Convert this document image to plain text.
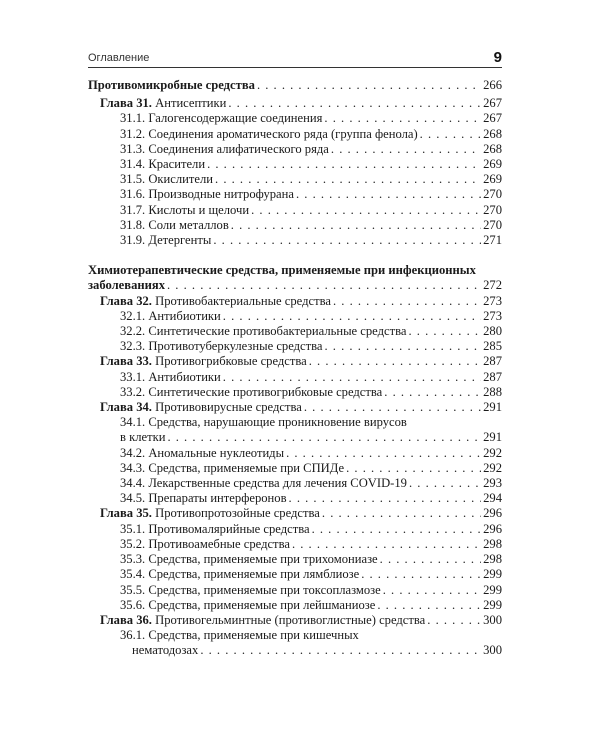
Оглавление	9
Противомикробные средства . . .	266
Глава 31. Антисептики . . .	267
31.1. Галогенсодержащие соединения . . .	267
31.2. Соединения ароматического ряда (группа фенола) . . .	268
31.3. Соединения алифатического ряда . . .	268
31.4. Красители . . .	269
31.5. Окислители . . .	269
31.6. Производные нитрофурана . . .	270
31.7. Кислоты и щелочи . . .	270
31.8. Соли металлов . . .	270
31.9. Детергенты . . .	271
Химиотерапевтические средства, применяемые при инфекционных
заболеваниях . . .	272
Глава 32. Противобактериальные средства . . .	273
32.1. Антибиотики . . .	273
32.2. Синтетические противобактериальные средства . . .	280
32.3. Противотуберкулезные средства . . .	285
Глава 33. Противогрибковые средства . . .	287
33.1. Антибиотики . . .	287
33.2. Синтетические противогрибковые средства . . .	288
Глава 34. Противовирусные средства . . .	291
34.1. Средства, нарушающие проникновение вирусов
в клетки . . .	291
34.2. Аномальные нуклеотиды . . .	292
34.3. Средства, применяемые при СПИДе . . .	292
34.4. Лекарственные средства для лечения COVID-19 . . .	293
34.5. Препараты интерферонов . . .	294
Глава 35. Противопротозойные средства . . .	296
35.1. Противомалярийные средства . . .	296
35.2. Противоамебные средства . . .	298
35.3. Средства, применяемые при трихомониазе . . .	298
35.4. Средства, применяемые при лямблиозе . . .	299
35.5. Средства, применяемые при токсоплазмозе . . .	299
35.6. Средства, применяемые при лейшманиозе . . .	299
Глава 36. Противогельминтные (противоглистные) средства . . .	300
36.1. Средства, применяемые при кишечных
нематодозах . . .	300
